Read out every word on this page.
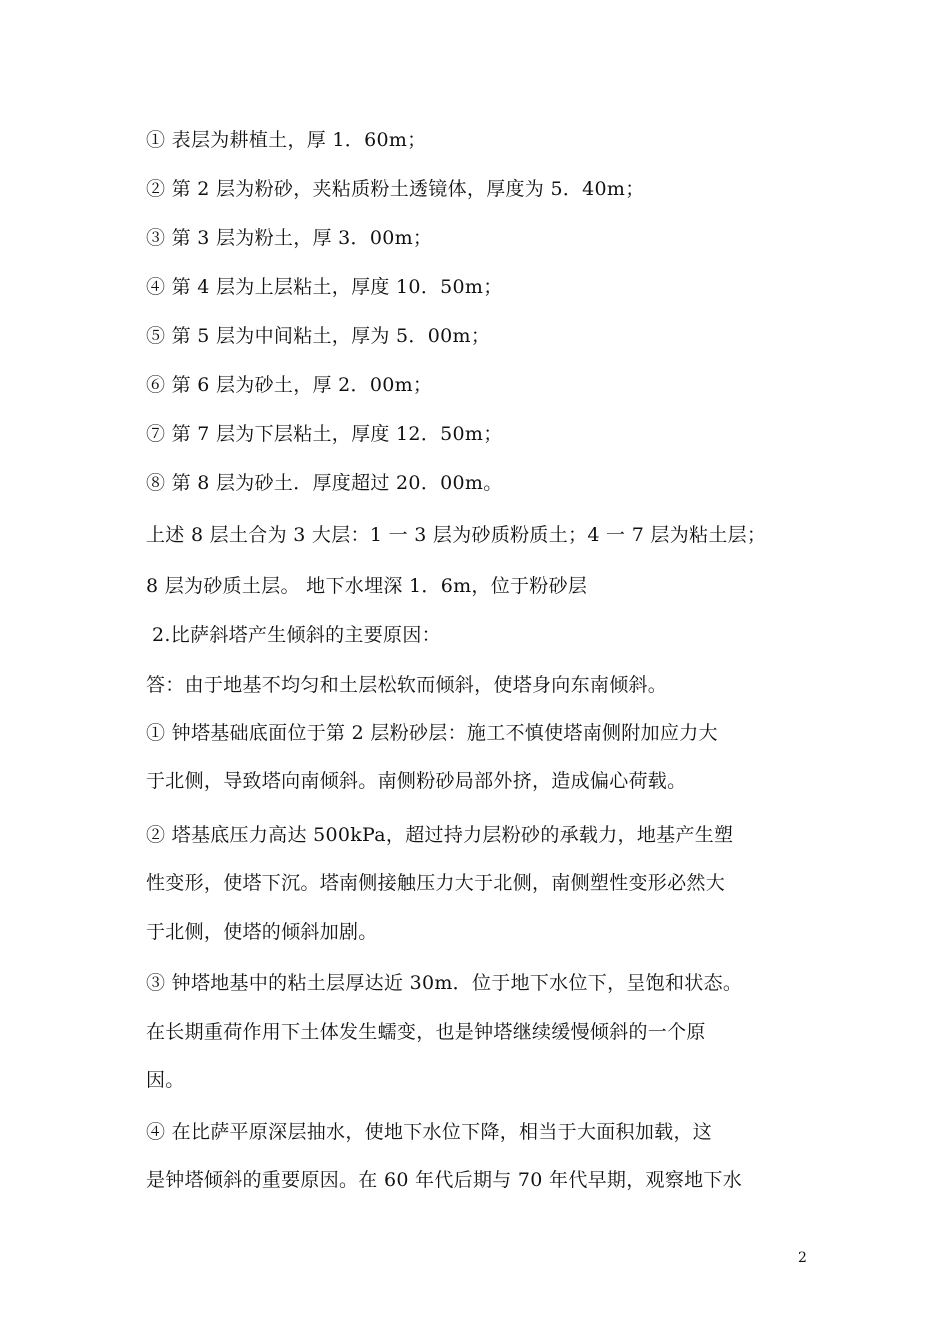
① 表层为耕植土，厚 1．60m；
② 第 2 层为粉砂，夹粘质粉土透镜体，厚度为 5．40m；
③ 第 3 层为粉土，厚 3．00m；
④ 第 4 层为上层粘土，厚度 10．50m；
⑤ 第 5 层为中间粘土，厚为 5．00m；
⑥ 第 6 层为砂土，厚 2．00m；
⑦ 第 7 层为下层粘土，厚度 12．50m；
⑧ 第 8 层为砂土．厚度超过 20．00m。
上述 8 层土合为 3 大层：1 一 3 层为砂质粉质土；4 一 7 层为粘土层；
8 层为砂质土层。 地下水埋深 1．6m，位于粉砂层
2.比萨斜塔产生倾斜的主要原因：
答：由于地基不均匀和土层松软而倾斜，使塔身向东南倾斜。
① 钟塔基础底面位于第 2 层粉砂层：施工不慎使塔南侧附加应力大
于北侧，导致塔向南倾斜。南侧粉砂局部外挤，造成偏心荷载。
② 塔基底压力高达 500kPa，超过持力层粉砂的承载力，地基产生塑
性变形，使塔下沉。塔南侧接触压力大于北侧，南侧塑性变形必然大
于北侧，使塔的倾斜加剧。
③ 钟塔地基中的粘土层厚达近 30m．位于地下水位下，呈饱和状态。
在长期重荷作用下土体发生蠕变，也是钟塔继续缓慢倾斜的一个原
因。
④ 在比萨平原深层抽水，使地下水位下降，相当于大面积加载，这
是钟塔倾斜的重要原因。在 60 年代后期与 70 年代早期，观察地下水
2
